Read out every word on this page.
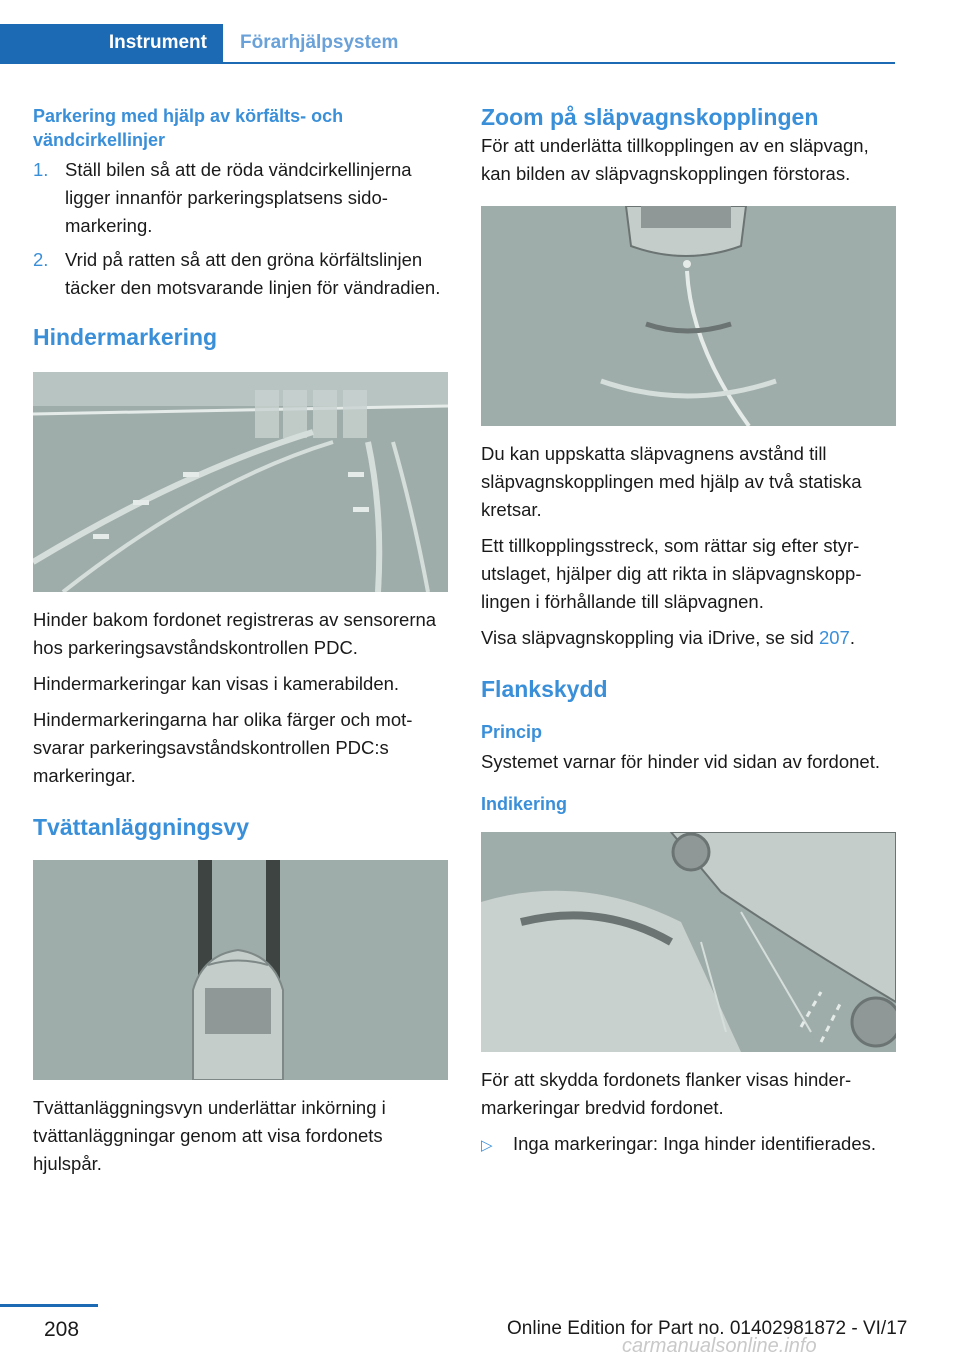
Instrument	Förarhjälpsystem
Parkering med hjälp av körfälts- och vändcirkellinjer
1. Ställ bilen så att de röda vändcirkellinjerna ligger innanför parkeringsplatsens sidomarkering.
2. Vrid på ratten så att den gröna körfältslinjen täcker den motsvarande linjen för vändradien.
Hindermarkering

Hinder bakom fordonet registreras av sensorerna hos parkeringsavståndskontrollen PDC.

Hindermarkeringar kan visas i kamerabilden.

Hindermarkeringarna har olika färger och motsvarar parkeringsavståndskontrollen PDC:s markeringar.

Tvättanläggningsvy

Tvättanläggningsvyn underlättar inkörning i tvättanläggningar genom att visa fordonets hjulspår.

Zoom på släpvagnskopplingen

För att underlätta tillkopplingen av en släpvagn, kan bilden av släpvagnskopplingen förstoras.

Du kan uppskatta släpvagnens avstånd till släpvagnskopplingen med hjälp av två statiska kretsar.

Ett tillkopplingsstreck, som rättar sig efter styrutslaget, hjälper dig att rikta in släpvagnskopplingen i förhållande till släpvagnen.

Visa släpvagnskoppling via iDrive, se sid 207.

Flankskydd
Princip

Systemet varnar för hinder vid sidan av fordonet.

Indikering

För att skydda fordonets flanker visas hindermarkeringar bredvid fordonet.

▷	Inga markeringar: Inga hinder identifierades.
208	Online Edition for Part no. 01402981872 - VI/17
carmanualsonline.info
